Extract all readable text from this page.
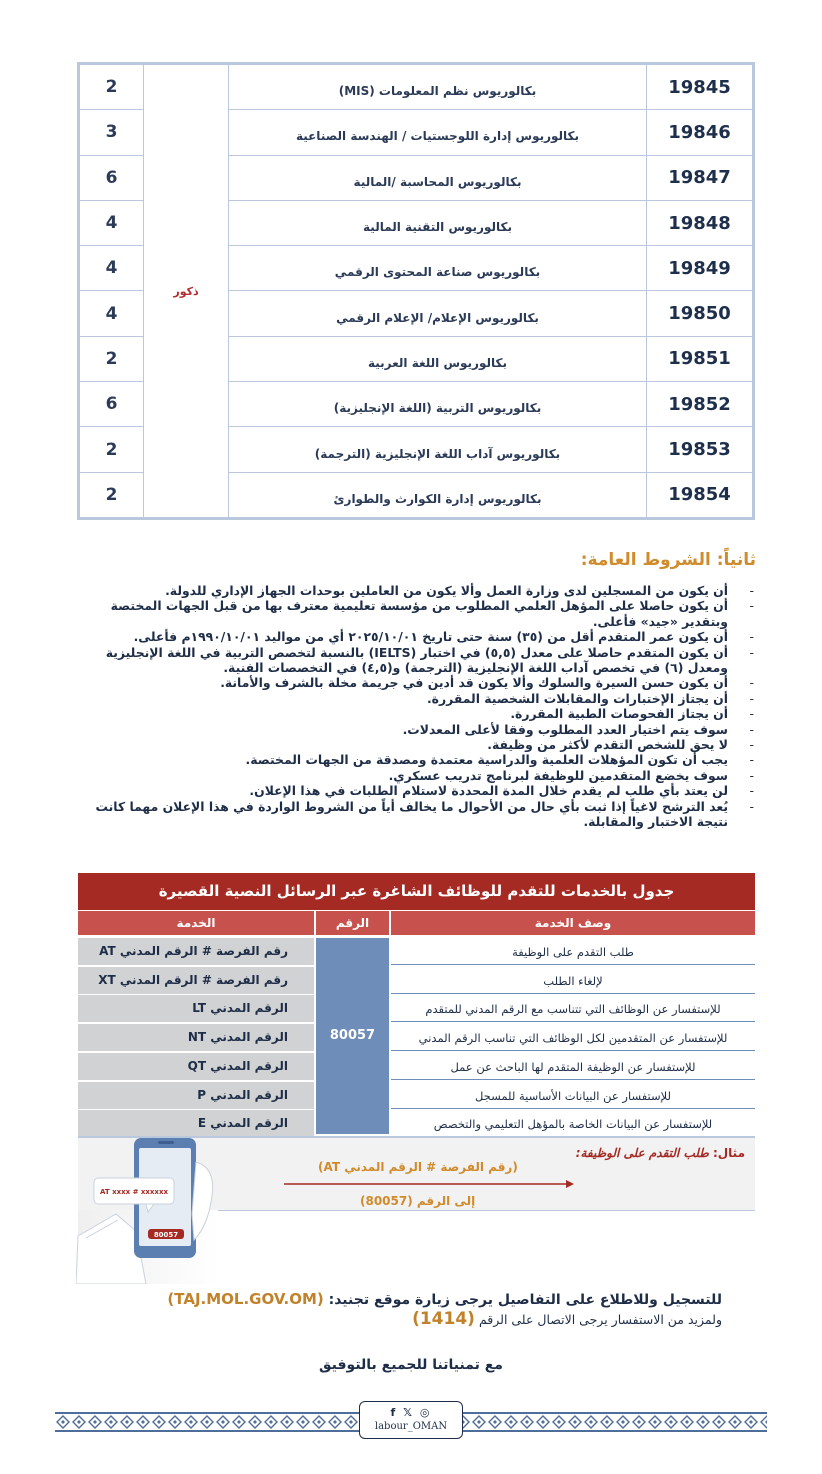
2	ذكور	بكالوريوس نظم المعلومات (MIS)	19845
3		بكالوريوس إدارة اللوجستيات / الهندسة الصناعية	19846
6		بكالوريوس المحاسبة /المالية	19847
4		بكالوريوس التقنية المالية	19848
4		بكالوريوس صناعة المحتوى الرقمي	19849
4		بكالوريوس الإعلام/ الإعلام الرقمي	19850
2		بكالوريوس اللغة العربية	19851
6		بكالوريوس التربية (اللغة الإنجليزية)	19852
2		بكالوريوس آداب اللغة الإنجليزية (الترجمة)	19853
2		بكالوريوس إدارة الكوارث والطوارئ	19854
ثانياً: الشروط العامة:
- أن يكون من المسجلين لدى وزارة العمل وألا يكون من العاملين بوحدات الجهاز الإداري للدولة.
- أن يكون حاصلا على المؤهل العلمي المطلوب من مؤسسة تعليمية معترف بها من قبل الجهات المختصة وبتقدير «جيد» فأعلى.
- أن يكون عمر المتقدم أقل من (٣٥) سنة حتى تاريخ ٢٠٢٥/١٠/٠١ أي من مواليد ١٩٩٠/١٠/٠١م فأعلى.
- أن يكون المتقدم حاصلا على معدل (٥,٥) في اختبار (IELTS) بالنسبة لتخصص التربية في اللغة الإنجليزية ومعدل (٦) في تخصص آداب اللغة الإنجليزية (الترجمة) و(٤,٥) في التخصصات الفنية.
- أن يكون حسن السيرة والسلوك وألا يكون قد أدين في جريمة مخلة بالشرف والأمانة.
- أن يجتاز الإختبارات والمقابلات الشخصية المقررة.
- أن يجتاز الفحوصات الطبية المقررة.
- سوف يتم اختيار العدد المطلوب وفقا لأعلى المعدلات.
- لا يحق للشخص التقدم لأكثر من وظيفة.
- يجب أن تكون المؤهلات العلمية والدراسية معتمدة ومصدقة من الجهات المختصة.
- سوف يخضع المتقدمين للوظيفة لبرنامج تدريب عسكري.
- لن يعتد بأي طلب لم يقدم خلال المدة المحددة لاستلام الطلبات في هذا الإعلان.
- يُعد الترشح لاغياً إذا ثبت بأي حال من الأحوال ما يخالف أياً من الشروط الواردة في هذا الإعلان مهما كانت نتيجة الاختبار والمقابلة.
جدول بالخدمات للتقدم للوظائف الشاغرة عبر الرسائل النصية القصيرة
الخدمة	الرقم	وصف الخدمة
رقم الفرصة # الرقم المدني AT	طلب التقدم على الوظيفة
رقم الفرصة # الرقم المدني XT	لإلغاء الطلب
الرقم المدني LT	للإستفسار عن الوظائف التي تتناسب مع الرقم المدني للمتقدم
الرقم المدني NT	للإستفسار عن المتقدمين لكل الوظائف التي تناسب الرقم المدني
الرقم المدني QT	للإستفسار عن الوظيفة المتقدم لها الباحث عن عمل
الرقم المدني P	للإستفسار عن البيانات الأساسية للمسجل
الرقم المدني E	للإستفسار عن البيانات الخاصة بالمؤهل التعليمي والتخصص
80057
مثال: طلب التقدم على الوظيفة:
(رقم الفرصة # الرقم المدني AT)
إلى الرقم (80057)
AT xxxx # xxxxxx
80057
للتسجيل وللاطلاع على التفاصيل يرجى زيارة موقع تجنيد: (TAJ.MOL.GOV.OM)
ولمزيد من الاستفسار يرجى الاتصال على الرقم (1414)
مع تمنياتنا للجميع بالتوفيق
f 𝕏 ◎
labour_OMAN
